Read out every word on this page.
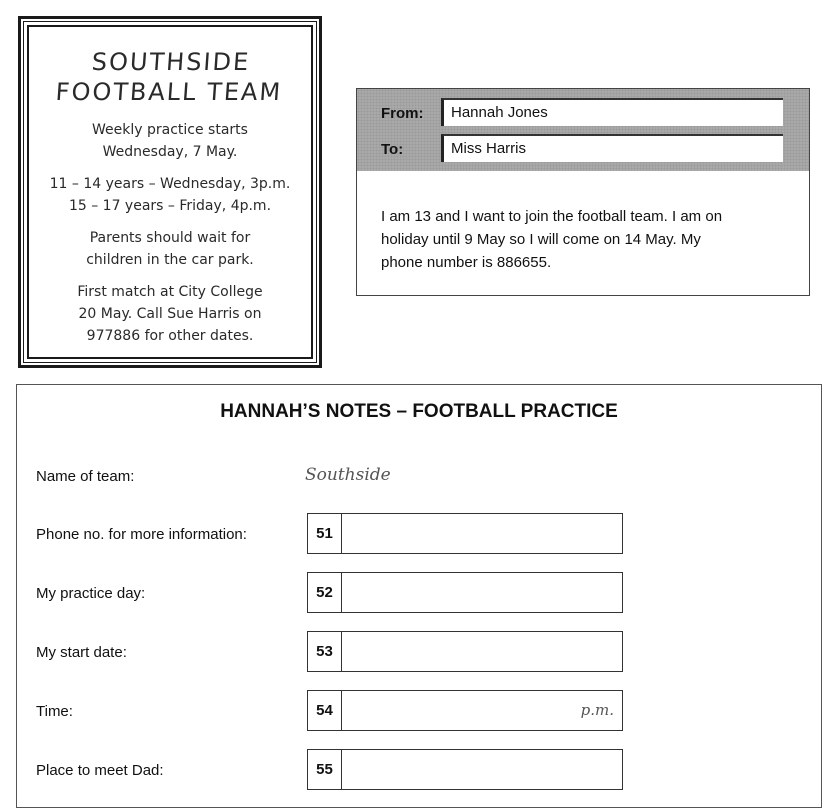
SOUTHSIDE
FOOTBALL TEAM

Weekly practice starts
Wednesday, 7 May.

11 – 14 years – Wednesday, 3p.m.
15 – 17 years – Friday, 4p.m.

Parents should wait for
children in the car park.

First match at City College
20 May. Call Sue Harris on
977886 for other dates.

From:	Hannah Jones
To:	Miss Harris
I am 13 and I want to join the football team. I am on
holiday until 9 May so I will come on 14 May. My
phone number is 886655.
HANNAH’S NOTES – FOOTBALL PRACTICE
Name of team:	Southside
Phone no. for more information:	51
My practice day:	52
My start date:	53
Time:	54	p.m.
Place to meet Dad:	55
